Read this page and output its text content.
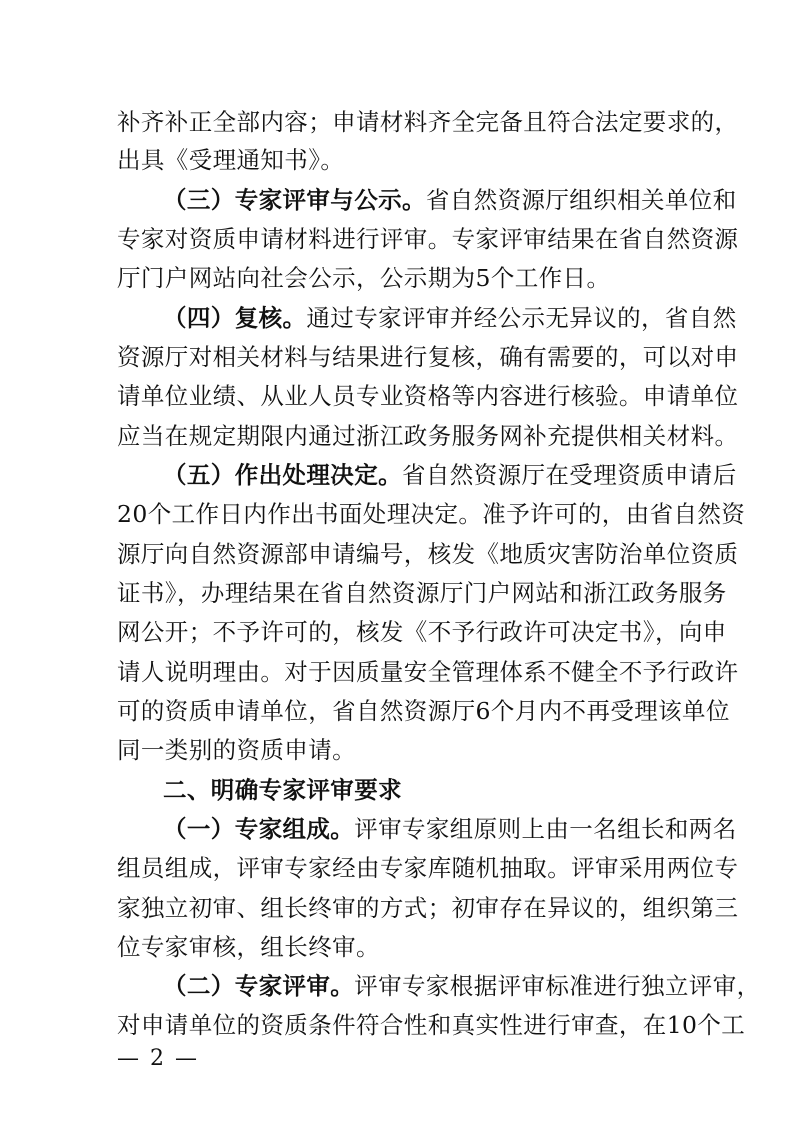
补齐补正全部内容；申请材料齐全完备且符合法定要求的，
出具《受理通知书》。
（三）专家评审与公示。省自然资源厅组织相关单位和
专家对资质申请材料进行评审。专家评审结果在省自然资源
厅门户网站向社会公示，公示期为5个工作日。
（四）复核。通过专家评审并经公示无异议的，省自然
资源厅对相关材料与结果进行复核，确有需要的，可以对申
请单位业绩、从业人员专业资格等内容进行核验。申请单位
应当在规定期限内通过浙江政务服务网补充提供相关材料。
（五）作出处理决定。省自然资源厅在受理资质申请后
20个工作日内作出书面处理决定。准予许可的，由省自然资
源厅向自然资源部申请编号，核发《地质灾害防治单位资质
证书》，办理结果在省自然资源厅门户网站和浙江政务服务
网公开；不予许可的，核发《不予行政许可决定书》，向申
请人说明理由。对于因质量安全管理体系不健全不予行政许
可的资质申请单位，省自然资源厅6个月内不再受理该单位
同一类别的资质申请。
二、明确专家评审要求
（一）专家组成。评审专家组原则上由一名组长和两名
组员组成，评审专家经由专家库随机抽取。评审采用两位专
家独立初审、组长终审的方式；初审存在异议的，组织第三
位专家审核，组长终审。
（二）专家评审。评审专家根据评审标准进行独立评审，
对申请单位的资质条件符合性和真实性进行审查，在10个工
— 2 —
